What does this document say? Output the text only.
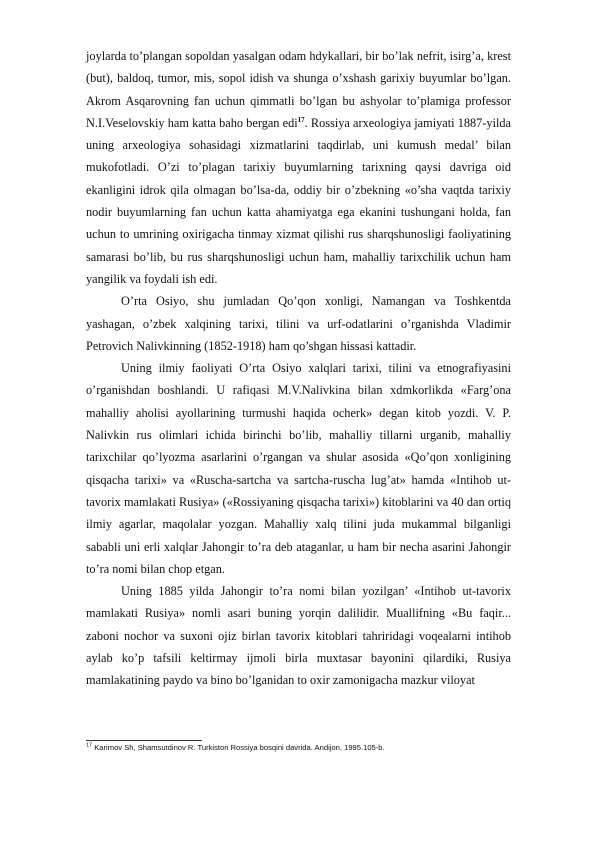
joylarda to’plangan sopoldan yasalgan odam hdykallari, bir bo’lak nefrit, isirg’a, krest (but), baldoq, tumor, mis, sopol idish va shunga o’xshash garixiy buyumlar bo’lgan. Akrom Asqarovning fan uchun qimmatli bo’lgan bu ashyolar to’plamiga professor N.I.Veselovskiy ham katta baho bergan edi$^{17}$. Rossiya arxeologiya jamiyati 1887-yilda uning arxeologiya sohasidagi xizmatlarini taqdirlab, uni kumush medal’ bilan mukofotladi. O’zi to’plagan tarixiy buyumlarning tarixning qaysi davriga oid ekanligini idrok qila olmagan bo’lsa-da, oddiy bir o’zbekning «o’sha vaqtda tarixiy nodir buyumlarning fan uchun katta ahamiyatga ega ekanini tushungani holda, fan uchun to umrining oxirigacha tinmay xizmat qilishi rus sharqshunosligi faoliyatining samarasi bo’lib, bu rus sharqshunosligi uchun ham, mahalliy tarixchilik uchun ham yangilik va foydali ish edi.

O’rta Osiyo, shu jumladan Qo’qon xonligi, Namangan va Toshkentda yashagan, o’zbek xalqining tarixi, tilini va urf-odatlarini o’rganishda Vladimir Petrovich Nalivkinning (1852-1918) ham qo’shgan hissasi kattadir.

Uning ilmiy faoliyati O’rta Osiyo xalqlari tarixi, tilini va etnografiyasini o’rganishdan boshlandi. U rafiqasi M.V.Nalivkina bilan xdmkorlikda «Farg’ona mahalliy aholisi ayollarining turmushi haqida ocherk» degan kitob yozdi. V. P. Nalivkin rus olimlari ichida birinchi bo’lib, mahalliy tillarni urganib, mahalliy tarixchilar qo’lyozma asarlarini o’rgangan va shular asosida «Qo’qon xonligining qisqacha tarixi» va «Ruscha-sartcha va sartcha-ruscha lug’at» hamda «Intihob ut-tavorix mamlakati Rusiya» («Rossiyaning qisqacha tarixi») kitoblarini va 40 dan ortiq ilmiy agarlar, maqolalar yozgan. Mahalliy xalq tilini juda mukammal bilganligi sababli uni erli xalqlar Jahongir to’ra deb ataganlar, u ham bir necha asarini Jahongir to’ra nomi bilan chop etgan.

Uning 1885 yilda Jahongir to’ra nomi bilan yozilgan’ «Intihob ut-tavorix mamlakati Rusiya» nomli asari buning yorqin dalilidir. Muallifning «Bu faqir... zaboni nochor va suxoni ojiz birlan tavorix kitoblari tahriridagi voqealarni intihob aylab ko’p tafsili keltirmay ijmoli birla muxtasar bayonini qilardiki, Rusiya mamlakatining paydo va bino bo’lganidan to oxir zamonigacha mazkur viloyat

$^{17}$ Karimov Sh, Shamsutdinov R. Turkiston Rossiya bosqini davrida. Andijon, 1995.105-b.
